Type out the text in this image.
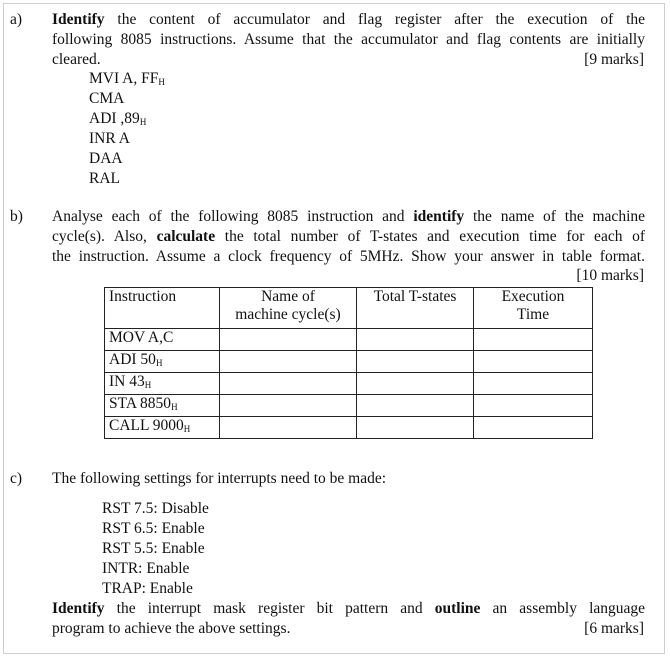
a) Identify the content of accumulator and flag register after the execution of the
following 8085 instructions. Assume that the accumulator and flag contents are initially
cleared.	[9 marks]
MVI A, $FF_H$
CMA
ADI $,89_H$
INR A
DAA
RAL
b) Analyse each of the following 8085 instruction and identify the name of the machine
cycle(s). Also, calculate the total number of T-states and execution time for each of
the instruction. Assume a clock frequency of 5MHz. Show your answer in table format.
[10 marks]
Instruction	Name of
machine cycle(s)	Total T-states	Execution
Time
MOV A,C			
ADI $50_H$			
IN $43_H$			
STA $8850_H$			
CALL $9000_H$			
c) The following settings for interrupts need to be made:
RST 7.5: Disable
RST 6.5: Enable
RST 5.5: Enable
INTR: Enable
TRAP: Enable
Identify the interrupt mask register bit pattern and outline an assembly language
program to achieve the above settings.	[6 marks]
